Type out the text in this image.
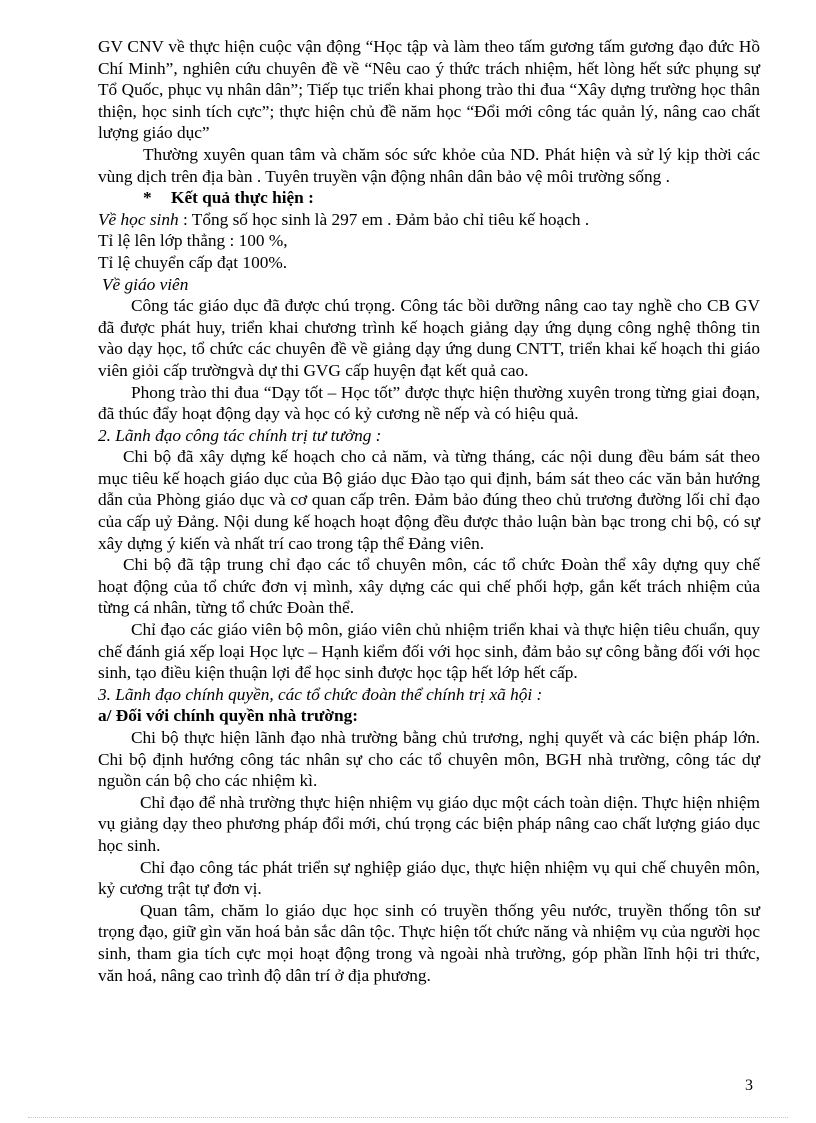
GV CNV về thực hiện cuộc vận động “Học tập và làm theo tấm gương tấm gương đạo đức Hồ Chí Minh”, nghiên cứu chuyên đề về “Nêu cao ý thức trách nhiệm, hết lòng hết sức phụng sự Tổ Quốc, phục vụ nhân dân”; Tiếp tục triển khai phong trào thi đua “Xây dựng trường học thân thiện, học sinh tích cực”; thực hiện chủ đề năm học “Đổi mới công tác quản lý, nâng cao chất lượng giáo dục”

Thường xuyên quan tâm và chăm sóc sức khỏe của ND. Phát hiện và sử lý kịp thời các vùng dịch trên địa bàn . Tuyên truyền vận động nhân dân bảo vệ môi trường sống .

* Kết quả thực hiện :

Về học sinh : Tổng số học sinh là 297 em . Đảm bảo chỉ tiêu kế hoạch .

Tỉ lệ lên lớp thẳng : 100 %,

Tỉ lệ chuyển cấp đạt 100%.

Về giáo viên

Công tác giáo dục đã được chú trọng. Công tác bồi dưỡng nâng cao tay nghề cho CB GV đã được phát huy, triển khai chương trình kế hoạch giảng dạy ứng dụng công nghệ thông tin vào dạy học, tổ chức các chuyên đề về giảng dạy ứng dung CNTT, triển khai kế hoạch thi giáo viên giỏi cấp trườngvà dự thi GVG cấp huyện đạt kết quả cao.

Phong trào thi đua “Dạy tốt – Học tốt” được thực hiện thường xuyên trong từng giai đoạn, đã thúc đẩy hoạt động dạy và học có kỷ cương nề nếp và có hiệu quả.

2. Lãnh đạo công tác chính trị tư tưởng :

Chi bộ đã xây dựng kế hoạch cho cả năm, và từng tháng, các nội dung đều bám sát theo mục tiêu kế hoạch giáo dục của Bộ giáo dục Đào tạo qui định, bám sát theo các văn bản hướng dẫn của Phòng giáo dục và cơ quan cấp trên. Đảm bảo đúng theo chủ trương đường lối chỉ đạo của cấp uỷ Đảng. Nội dung kế hoạch hoạt động đều được thảo luận bàn bạc trong chi bộ, có sự xây dựng ý kiến và nhất trí cao trong tập thể Đảng viên.

Chi bộ đã tập trung chỉ đạo các tổ chuyên môn, các tổ chức Đoàn thể xây dựng quy chế hoạt động của tổ chức đơn vị mình, xây dựng các qui chế phối hợp, gắn kết trách nhiệm của từng cá nhân, từng tổ chức Đoàn thể.

Chỉ đạo các giáo viên bộ môn, giáo viên chủ nhiệm triển khai và thực hiện tiêu chuẩn, quy chế đánh giá xếp loại Học lực – Hạnh kiểm đối với học sinh, đảm bảo sự công bằng đối với học sinh, tạo điều kiện thuận lợi để học sinh được học tập hết lớp hết cấp.

3. Lãnh đạo chính quyền, các tổ chức đoàn thể chính trị xã hội :

a/ Đối với chính quyền nhà trường:

Chi bộ thực hiện lãnh đạo nhà trường bằng chủ trương, nghị quyết và các biện pháp lớn. Chi bộ định hướng công tác nhân sự cho các tổ chuyên môn, BGH nhà trường, công tác dự nguồn cán bộ cho các nhiệm kì.

Chỉ đạo để nhà trường thực hiện nhiệm vụ giáo dục một cách toàn diện. Thực hiện nhiệm vụ giảng dạy theo phương pháp đổi mới, chú trọng các biện pháp nâng cao chất lượng giáo dục học sinh.

Chỉ đạo công tác phát triển sự nghiệp giáo dục, thực hiện nhiệm vụ qui chế chuyên môn, kỷ cương trật tự đơn vị.

Quan tâm, chăm lo giáo dục học sinh có truyền thống yêu nước, truyền thống tôn sư trọng đạo, giữ gìn văn hoá bản sắc dân tộc. Thực hiện tốt chức năng và nhiệm vụ của người học sinh, tham gia tích cực mọi hoạt động trong và ngoài nhà trường, góp phần lĩnh hội tri thức, văn hoá, nâng cao trình độ dân trí ở địa phương.

3
